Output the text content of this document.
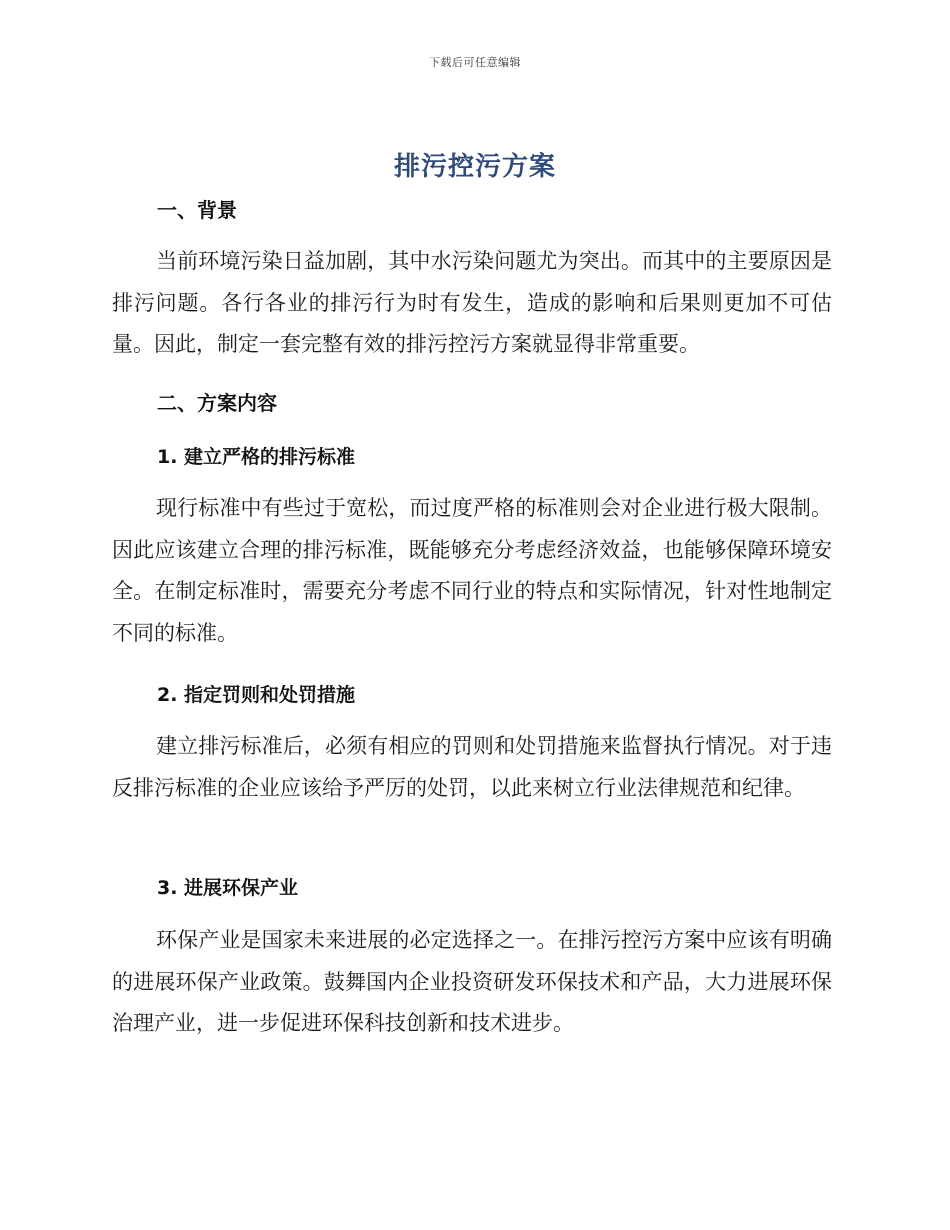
下载后可任意编辑
排污控污方案
一、背景

当前环境污染日益加剧，其中水污染问题尤为突出。而其中的主要原因是排污问题。各行各业的排污行为时有发生，造成的影响和后果则更加不可估量。因此，制定一套完整有效的排污控污方案就显得非常重要。

二、方案内容
1. 建立严格的排污标准

现行标准中有些过于宽松，而过度严格的标准则会对企业进行极大限制。因此应该建立合理的排污标准，既能够充分考虑经济效益，也能够保障环境安全。在制定标准时，需要充分考虑不同行业的特点和实际情况，针对性地制定不同的标准。

2. 指定罚则和处罚措施

建立排污标准后，必须有相应的罚则和处罚措施来监督执行情况。对于违反排污标准的企业应该给予严厉的处罚，以此来树立行业法律规范和纪律。

3. 进展环保产业

环保产业是国家未来进展的必定选择之一。在排污控污方案中应该有明确的进展环保产业政策。鼓舞国内企业投资研发环保技术和产品，大力进展环保治理产业，进一步促进环保科技创新和技术进步。
